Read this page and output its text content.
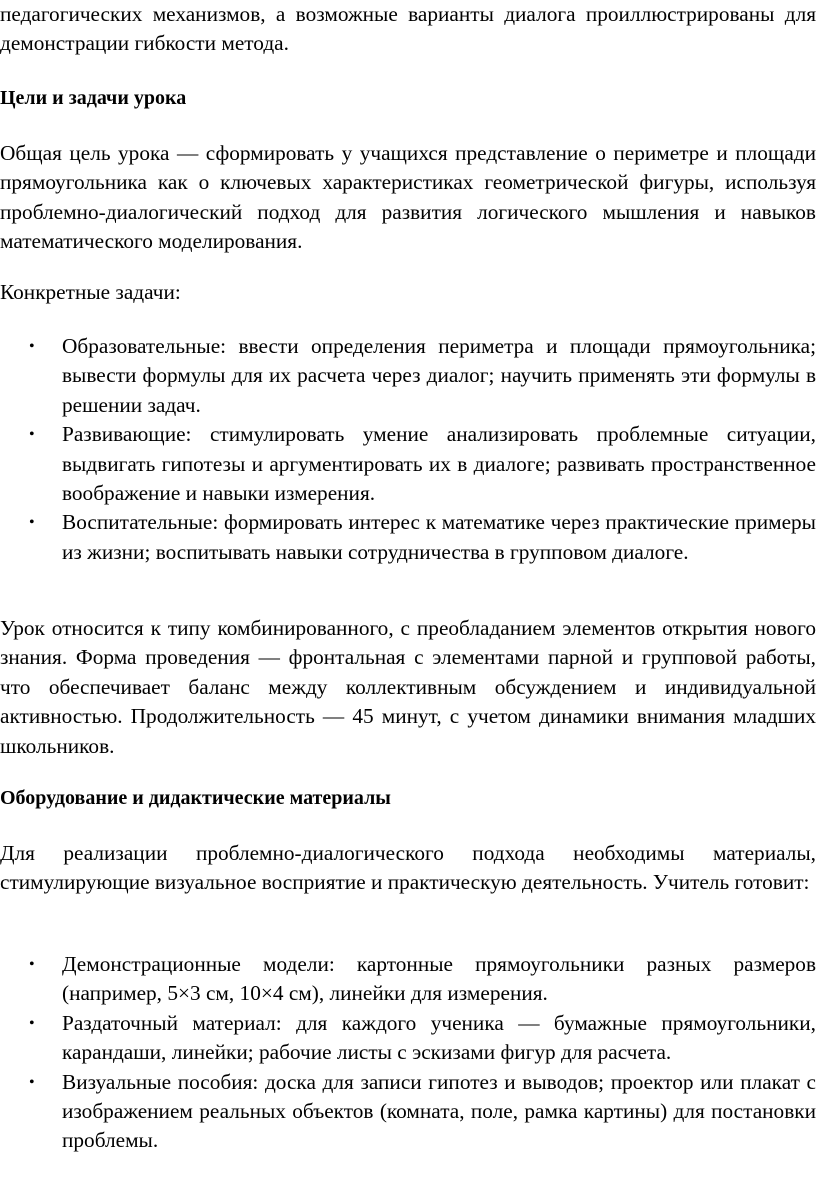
педагогических механизмов, а возможные варианты диалога проиллюстрированы для демонстрации гибкости метода.

Цели и задачи урока

Общая цель урока — сформировать у учащихся представление о периметре и площади прямоугольника как о ключевых характеристиках геометрической фигуры, используя проблемно-диалогический подход для развития логического мышления и навыков математического моделирования.

Конкретные задачи:

• Образовательные: ввести определения периметра и площади прямоугольника; вывести формулы для их расчета через диалог; научить применять эти формулы в решении задач.
• Развивающие: стимулировать умение анализировать проблемные ситуации, выдвигать гипотезы и аргументировать их в диалоге; развивать пространственное воображение и навыки измерения.
• Воспитательные: формировать интерес к математике через практические примеры из жизни; воспитывать навыки сотрудничества в групповом диалоге.

Урок относится к типу комбинированного, с преобладанием элементов открытия нового знания. Форма проведения — фронтальная с элементами парной и групповой работы, что обеспечивает баланс между коллективным обсуждением и индивидуальной активностью. Продолжительность — 45 минут, с учетом динамики внимания младших школьников.

Оборудование и дидактические материалы

Для реализации проблемно-диалогического подхода необходимы материалы, стимулирующие визуальное восприятие и практическую деятельность. Учитель готовит:

• Демонстрационные модели: картонные прямоугольники разных размеров (например, 5×3 см, 10×4 см), линейки для измерения.
• Раздаточный материал: для каждого ученика — бумажные прямоугольники, карандаши, линейки; рабочие листы с эскизами фигур для расчета.
• Визуальные пособия: доска для записи гипотез и выводов; проектор или плакат с изображением реальных объектов (комната, поле, рамка картины) для постановки проблемы.
